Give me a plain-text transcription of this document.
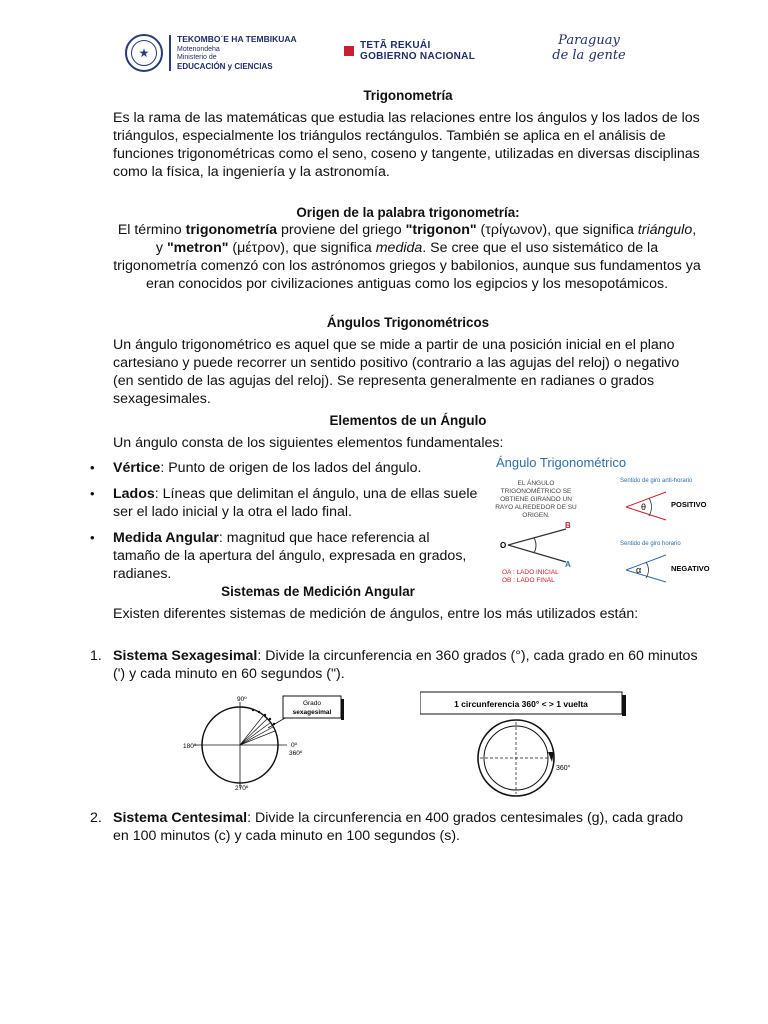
★
TEKOMBO´E HA TEMBIKUAA
Motenondeha
Ministerio de
EDUCACIÓN y CIENCIAS
TETÃ REKUÁI
GOBIERNO NACIONAL
Paraguay
de la gente
Trigonometría
Es la rama de las matemáticas que estudia las relaciones entre los ángulos y los lados de los triángulos, especialmente los triángulos rectángulos. También se aplica en el análisis de funciones trigonométricas como el seno, coseno y tangente, utilizadas en diversas disciplinas como la física, la ingeniería y la astronomía.
Origen de la palabra trigonometría:
El término trigonometría proviene del griego "trigonon" (τρίγωνον), que significa triángulo, y "metron" (μέτρον), que significa medida. Se cree que el uso sistemático de la trigonometría comenzó con los astrónomos griegos y babilonios, aunque sus fundamentos ya eran conocidos por civilizaciones antiguas como los egipcios y los mesopotámicos.
Ángulos Trigonométricos
Un ángulo trigonométrico es aquel que se mide a partir de una posición inicial en el plano cartesiano y puede recorrer un sentido positivo (contrario a las agujas del reloj) o negativo (en sentido de las agujas del reloj). Se representa generalmente en radianes o grados sexagesimales.
Elementos de un Ángulo
Un ángulo consta de los siguientes elementos fundamentales:
• Vértice: Punto de origen de los lados del ángulo.
• Lados: Líneas que delimitan el ángulo, una de ellas suele ser el lado inicial y la otra el lado final.
• Medida Angular: magnitud que hace referencia al tamaño de la apertura del ángulo, expresada en grados, radianes.
Sistemas de Medición Angular
Existen diferentes sistemas de medición de ángulos, entre los más utilizados están:
1. Sistema Sexagesimal: Divide la circunferencia en 360 grados (°), cada grado en 60 minutos (') y cada minuto en 60 segundos (").
2. Sistema Centesimal: Divide la circunferencia en 400 grados centesimales (g), cada grado en 100 minutos (c) y cada minuto en 100 segundos (s).
Ángulo Trigonométrico
EL ÁNGULO
TRIGONOMÉTRICO SE
OBTIENE GIRANDO UN
RAYO ALREDEDOR DE SU
ORIGEN.
O
B
A
OA : LADO INICIAL
OB : LADO FINAL
Sentido de giro anti-horario
θ	POSITIVO
Sentido de giro horario
α	NEGATIVO
Grado
sexagesimal
90º
180º	0º
360º
270º
1 circunferencia 360° < > 1 vuelta
360°
